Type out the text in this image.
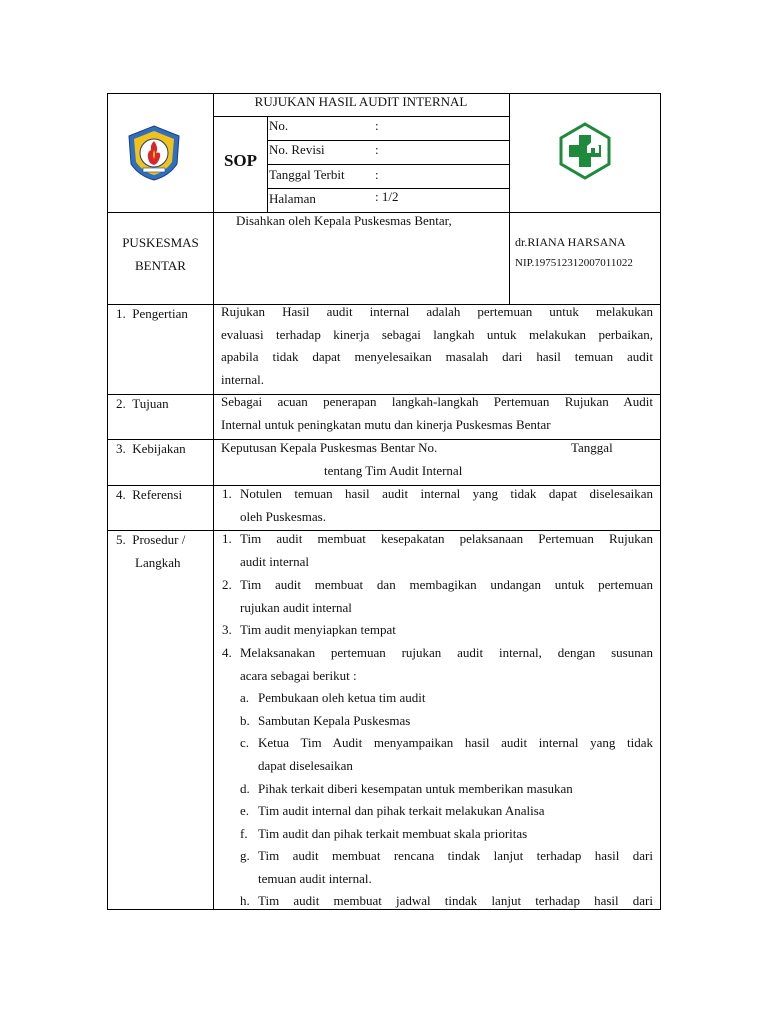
RUJUKAN HASIL AUDIT INTERNAL
SOP
No.	:
No. Revisi	:
Tanggal Terbit :
Halaman	: 1/2
PUSKESMAS
BENTAR
Disahkan oleh Kepala Puskesmas Bentar,
dr.RIANA HARSANA
NIP.197512312007011022
1. Pengertian	Rujukan Hasil audit internal adalah pertemuan untuk melakukan
evaluasi terhadap kinerja sebagai langkah untuk melakukan perbaikan,
apabila tidak dapat menyelesaikan masalah dari hasil temuan audit
internal.
2. Tujuan	Sebagai acuan penerapan langkah-langkah Pertemuan Rujukan Audit
Internal untuk peningkatan mutu dan kinerja Puskesmas Bentar
3. Kebijakan	Keputusan Kepala Puskesmas Bentar No.	Tanggal
tentang Tim Audit Internal
4. Referensi	1. Notulen temuan hasil audit internal yang tidak dapat diselesaikan
oleh Puskesmas.
5. Prosedur /
Langkah
1. Tim audit membuat kesepakatan pelaksanaan Pertemuan Rujukan
audit internal
2. Tim audit membuat dan membagikan undangan untuk pertemuan
rujukan audit internal
3. Tim audit menyiapkan tempat
4. Melaksanakan pertemuan rujukan audit internal, dengan susunan
acara sebagai berikut :
a. Pembukaan oleh ketua tim audit
b. Sambutan Kepala Puskesmas
c. Ketua Tim Audit menyampaikan hasil audit internal yang tidak
dapat diselesaikan
d. Pihak terkait diberi kesempatan untuk memberikan masukan
e. Tim audit internal dan pihak terkait melakukan Analisa
f. Tim audit dan pihak terkait membuat skala prioritas
g. Tim audit membuat rencana tindak lanjut terhadap hasil dari
temuan audit internal.
h. Tim audit membuat jadwal tindak lanjut terhadap hasil dari
